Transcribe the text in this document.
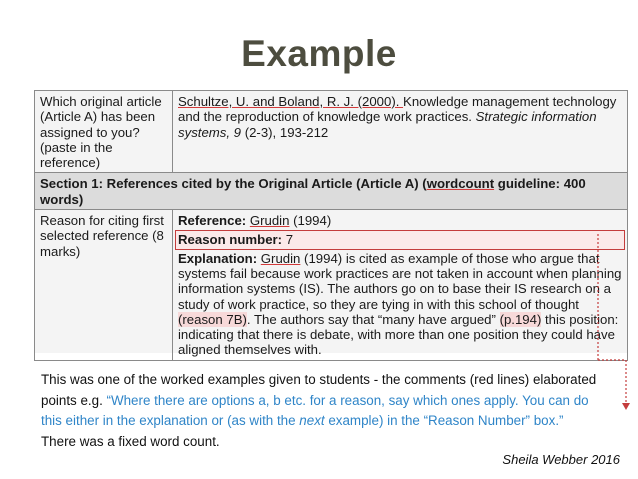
Example
Which original article (Article A) has been assigned to you? (paste in the reference)	Schultze, U. and Boland, R. J. (2000). Knowledge management technology and the reproduction of knowledge work practices. Strategic information systems, 9 (2-3), 193-212
Section 1: References cited by the Original Article (Article A) (wordcount guideline: 400 words)	
Reason for citing first selected reference (8 marks)	Reference: Grudin (1994)
Reason number: 7
Explanation: Grudin (1994) is cited as example of those who argue that systems fail because work practices are not taken in account when planning information systems (IS). The authors go on to base their IS research on a study of work practice, so they are tying in with this school of thought (reason 7B). The authors say that “many have argued” (p.194) this position: indicating that there is debate, with more than one position they could have aligned themselves with.
This was one of the worked examples given to students - the comments (red lines) elaborated points e.g. “Where there are options a, b etc. for a reason, say which ones apply. You can do this either in the explanation or (as with the next example) in the “Reason Number” box.” There was a fixed word count.
Sheila Webber 2016
